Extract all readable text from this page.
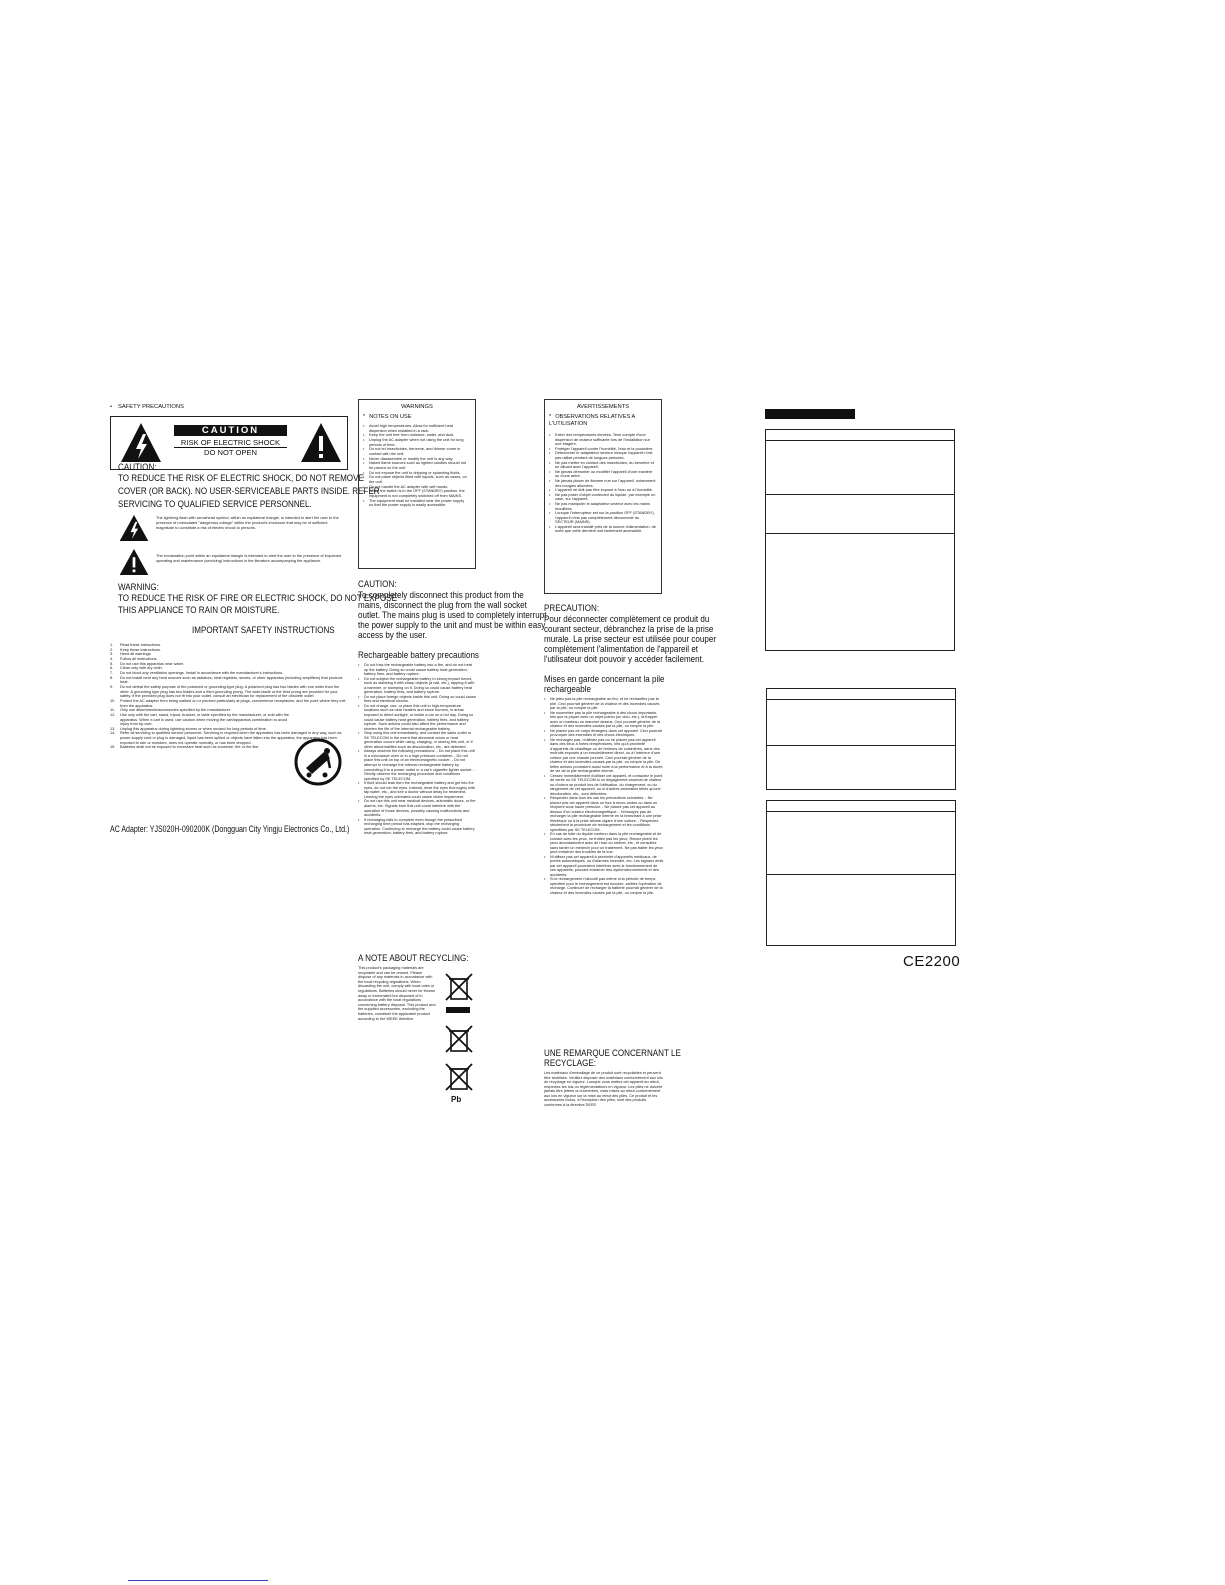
• SAFETY PRECAUTIONS
CAUTION
RISK OF ELECTRIC SHOCK
DO NOT OPEN
CAUTION:
TO REDUCE THE RISK OF ELECTRIC SHOCK, DO NOT REMOVE
COVER (OR BACK). NO USER-SERVICEABLE PARTS INSIDE. REFER
SERVICING TO QUALIFIED SERVICE PERSONNEL.
The lightning flash with arrowhead symbol, within an equilateral triangle, is intended to alert the user to the presence of uninsulated "dangerous voltage" within the product's enclosure that may be of sufficient magnitude to constitute a risk of electric shock to persons.
The exclamation point within an equilateral triangle is intended to alert the user to the presence of important operating and maintenance (servicing) instructions in the literature accompanying the appliance.
WARNING:
TO REDUCE THE RISK OF FIRE OR ELECTRIC SHOCK, DO NOT EXPOSE
THIS APPLIANCE TO RAIN OR MOISTURE.
IMPORTANT SAFETY INSTRUCTIONS
1. Read these instructions.
2. Keep these instructions.
3. Heed all warnings.
4. Follow all instructions.
5. Do not use this apparatus near water.
6. Clean only with dry cloth.
7. Do not block any ventilation openings. Install in accordance with the manufacturer's instructions.
8. Do not install near any heat sources such as radiators, heat registers, stoves, or other apparatus (including amplifiers) that produce heat.
9. Do not defeat the safety purpose of the polarized or grounding-type plug. A polarized plug has two blades with one wider than the other. A grounding type plug has two blades and a third grounding prong. The wide blade or the third prong are provided for your safety. If the provided plug does not fit into your outlet, consult an electrician for replacement of the obsolete outlet.
10. Protect the AC adapter from being walked on or pinched particularly at plugs, convenience receptacles, and the point where they exit from the apparatus.
11. Only use attachments/accessories specified by the manufacturer.
12. Use only with the cart, stand, tripod, bracket, or table specified by the manufacturer, or sold with the apparatus. When a cart is used, use caution when moving the cart/apparatus combination to avoid injury from tip-over.
13. Unplug this apparatus during lightning storms or when unused for long periods of time.
14. Refer all servicing to qualified service personnel. Servicing is required when the apparatus has been damaged in any way, such as power-supply cord or plug is damaged, liquid has been spilled or objects have fallen into the apparatus, the apparatus has been exposed to rain or moisture, does not operate normally, or has been dropped.
15. Batteries shall not be exposed to excessive heat such as sunshine, fire or the like.
AC Adapter: YJS020H-090200K (Dongguan City Yingju Electronics Co., Ltd.)
WARNINGS
* NOTES ON USE

• Avoid high temperatures. Allow for sufficient heat dispersion when installed in a rack.

• Keep the unit free from moisture, water, and dust.

• Unplug the AC adapter when not using the unit for long periods of time.

• Do not let insecticides, benzene, and thinner come in contact with the unit.

• Never disassemble or modify the unit in any way.

• Naked flame sources such as lighted candles should not be placed on the unit.

• Do not expose the unit to dripping or splashing fluids.

• Do not place objects filled with liquids, such as vases, on the unit.

• Do not handle the AC adapter with wet hands.

• When the switch is in the OFF (STANDBY) position, the equipment is not completely switched off from MAINS.

• The equipment shall be installed near the power supply so that the power supply is easily accessible.

CAUTION:
To completely disconnect this product from the
mains, disconnect the plug from the wall socket
outlet. The mains plug is used to completely interrupt
the power supply to the unit and must be within easy
access by the user.
Rechargeable battery precautions

• Do not toss the rechargeable battery into a fire, and do not heat up the battery. Doing so could cause battery heat generation, battery fires, and battery rupture.

• Do not subject the rechargeable battery to strong impact forces, such as stabbing it with sharp objects (a nail, etc.), tapping it with a hammer, or stomping on it. Doing so could cause battery heat generation, battery fires, and battery rupture.

• Do not place foreign objects inside this unit. Doing so could cause fires and electrical shocks.

• Do not charge, use, or place this unit in high-temperature locations such as near heaters and stove burners, in areas exposed to direct sunlight, or inside a car on a hot day. Doing so could cause battery heat generation, battery fires, and battery rupture. Such actions could also affect the performance and shorten the life of the internal rechargeable battery.

• Stop using this unit immediately, and contact the sales outlet or SK TELECOM in the event that abnormal odors or heat generation occurs while using, charging, or storing this unit, or if other abnormalities such as discoloration, etc., are detected.

• Always observe the following precautions: - Do not place this unit in a microwave oven or in a high-pressure container. - Do not place this unit on top of an electromagnetic cooker. - Do not attempt to recharge the internal rechargeable battery by connecting it to a power outlet or a car's cigarette lighter socket. - Strictly observe the recharging procedure and conditions specified by SK TELECOM.

• If fluid should leak from the rechargeable battery and get into the eyes, do not rub the eyes. Instead, rinse the eyes thoroughly with tap water, etc., and see a doctor without delay for treatment. Leaving the eyes untreated could cause vision impairment.

• Do not use this unit near medical devices, automatic doors, or fire alarms, etc. Signals from this unit could interfere with the operation of those devices, possibly causing malfunctions and accidents.

• If recharging fails to complete even though the prescribed recharging time period has elapsed, stop the recharging operation. Continuing to recharge the battery could cause battery heat generation, battery fires, and battery rupture.

A NOTE ABOUT RECYCLING:
This product's packaging materials are recyclable and can be reused. Please dispose of any materials in accordance with the local recycling regulations. When discarding the unit, comply with local rules or regulations. Batteries should never be thrown away or incinerated but disposed of in accordance with the local regulations concerning battery disposal. This product and the supplied accessories, excluding the batteries, constitute the applicable product according to the WEEE directive.
Pb
AVERTISSEMENTS
* OBSERVATIONS RELATIVES A L'UTILISATION

• Eviter des températures élevées. Tenir compte d'une dispersion de chaleur suffisante lors de l'installation sur une étagère.

• Protéger l'appareil contre l'humidité, l'eau et la poussière.

• Débrancher le adaptateur secteur lorsque l'appareil n'est pas utilisé pendant de longues périodes.

• Ne pas mettre en contact des insecticides, du benzène et un diluant avec l'appareil.

• Ne jamais démonter ou modifier l'appareil d'une manière ou d'une autre.

• Ne jamais placer de flamme nue sur l'appareil, notamment des bougies allumées.

• L'appareil ne doit pas être exposé à l'eau ou à l'humidité.

• Ne pas poser d'objet contenant du liquide, par exemple un vase, sur l'appareil.

• Ne pas manipuler le adaptateur secteur avec les mains mouillées.

• Lorsque l'interrupteur est sur la position OFF (STANDBY), l'appareil n'est pas complètement déconnecté du SECTEUR (MAINS).

• L'appareil sera installé près de la source d'alimentation, de sorte que cette dernière soit facilement accessible.

PRECAUTION:
Pour déconnecter complètement ce produit du
courant secteur, débranchez la prise de la prise
murale. La prise secteur est utilisée pour couper
complètement l'alimentation de l'appareil et
l'utilisateur doit pouvoir y accéder facilement.
Mises en garde concernant la pile
rechargeable

• Ne jetez pas la pile rechargeable au feu, et ne réchauffez pas la pile. Ceci pourrait générer de la chaleur et des incendies causés par la pile, ou rompre la pile.

• Ne soumettez pas la pile rechargeable à des chocs importants, tels que la piquer avec un objet pointu (un clou, etc.), la frapper avec un marteau ou marcher dessus. Ceci pourrait générer de la chaleur et des incendies causés par la pile, ou rompre la pile.

• Ne placez pas de corps étrangers dans cet appareil. Ceci pourrait provoquer des incendies et des chocs électriques.

• Ne rechargez pas, n'utilisez pas ou ne placez pas cet appareil dans des lieux à fortes températures, tels qu'à proximité d'appareils de chauffage ou de brûleurs de cuisinières, dans des endroits exposés à un ensoleillement direct, ou à l'intérieur d'une voiture par une chaude journée. Ceci pourrait générer de la chaleur et des incendies causés par la pile, ou rompre la pile. De telles actions pourraient aussi nuire à la performance et à la durée de vie de la pile rechargeable interne.

• Cessez immédiatement d'utiliser cet appareil, et contactez le point de vente ou SK TELECOM si un dégagement anormal de chaleur ou d'odeur se produit lors de l'utilisation, du chargement, ou du rangement de cet appareil, ou si d'autres anomalies telles qu'une décoloration, etc., sont détectées.

• Respectez dans tous les cas les précautions suivantes: - Ne placez pas cet appareil dans un four à micro-ondes ou dans un récipient sous haute pression. - Ne placez pas cet appareil au dessus d'un cuiseur électromagnétique. - N'essayez pas de recharger la pile rechargeable interne en la branchant à une prise électrique ou à la prise allume-cigare d'une voiture. - Respectez strictement la procédure de rechargement et les conditions spécifiées par SK TELECOM.

• En cas de fuite du liquide contenu dans la pile rechargeable et de contact avec les yeux, ne frottez pas les yeux. Rincez plutôt les yeux abondamment avec de l'eau du robinet, etc., et consultez sans tarder un médecin pour un traitement. Ne pas traiter les yeux peut entraîner des troubles de la vue.

• N'utilisez pas cet appareil à proximité d'appareils médicaux, de portes automatiques, ou d'alarmes incendie, etc. Les signaux émis par cet appareil pourraient interférer avec le fonctionnement de ces appareils, pouvant entraîner des dysfonctionnements et des accidents.

• Si le rechargement n'aboutit pas même si la période de temps spécifiée pour le rechargement est écoulée, arrêtez l'opération de recharge. Continuer de recharger la batterie pourrait générer de la chaleur et des incendies causés par la pile, ou rompre la pile.

UNE REMARQUE CONCERNANT LE
RECYCLAGE:
Les matériaux d'emballage de ce produit sont recyclables et peuvent être réutilisés. Veuillez disposer des matériaux conformément aux lois de recyclage en vigueur. Lorsque vous mettez cet appareil au rebut, respectez les lois ou réglementations en vigueur. Les piles ne doivent jamais être jetées ou incinérées, mais mises au rebut conformément aux lois en vigueur sur la mise au rebut des piles. Ce produit et les accessoires inclus, à l'exception des piles, sont des produits conformes à la directive DEEE.
CE2200
